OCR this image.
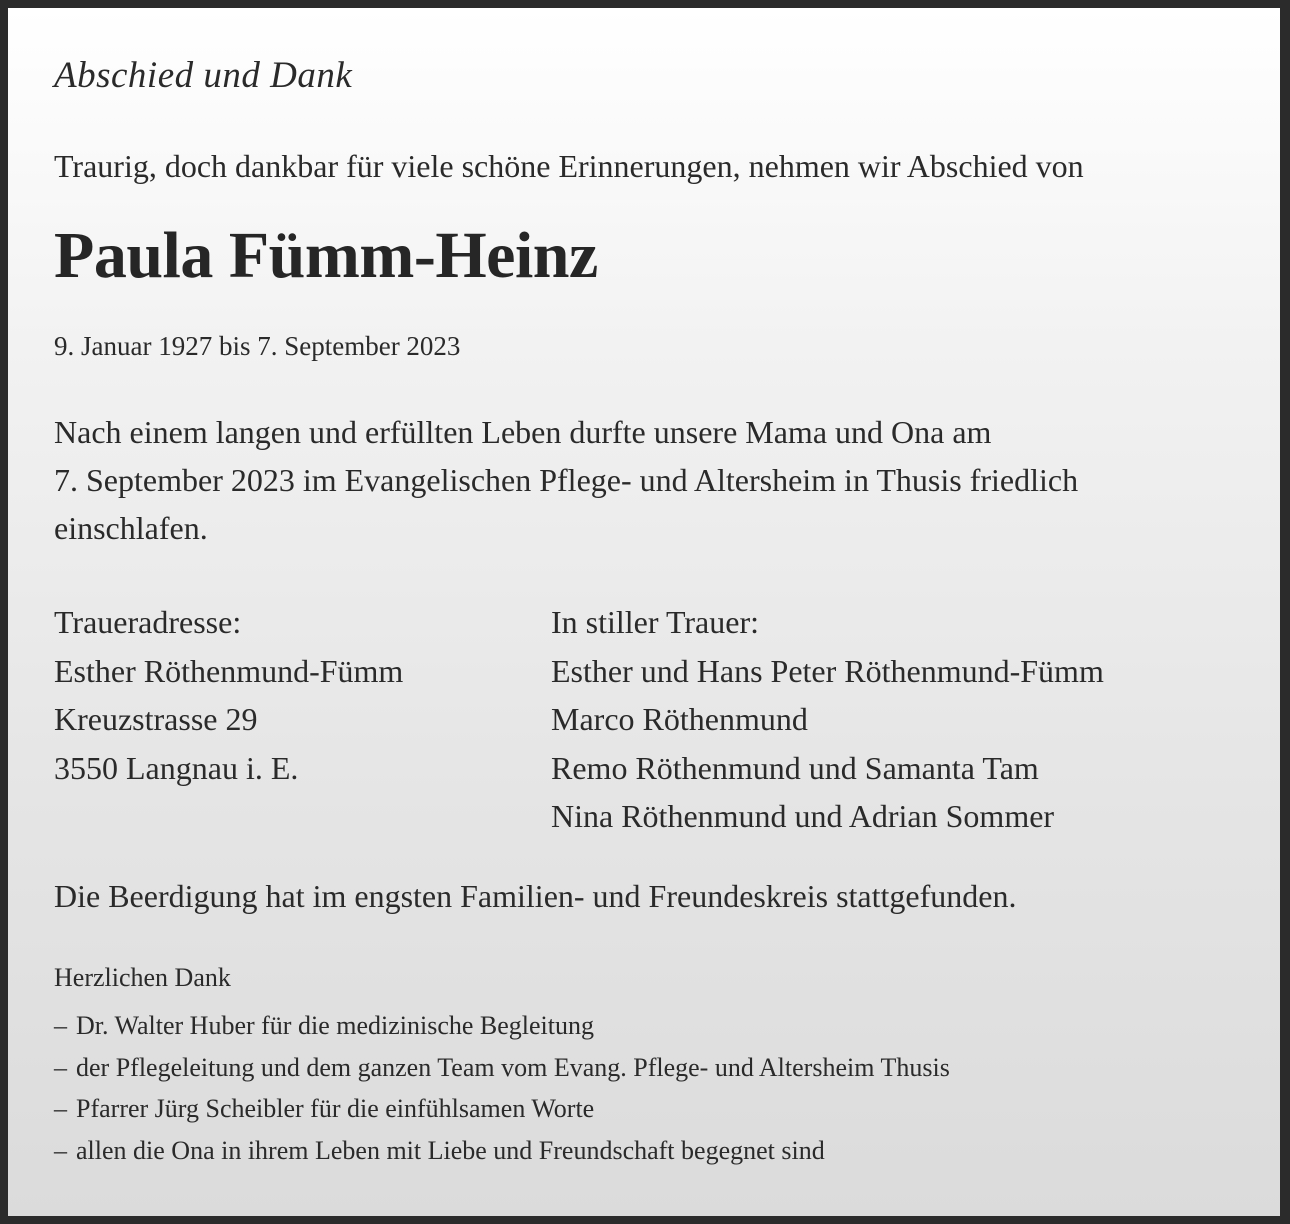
Abschied und Dank

Traurig, doch dankbar für viele schöne Erinnerungen, nehmen wir Abschied von

Paula Fümm-Heinz

9. Januar 1927 bis 7. September 2023

Nach einem langen und erfüllten Leben durfte unsere Mama und Ona am
7. September 2023 im Evangelischen Pflege- und Altersheim in Thusis friedlich
einschlafen.
Traueradresse:
Esther Röthenmund-Fümm
Kreuzstrasse 29
3550 Langnau i. E.
In stiller Trauer:
Esther und Hans Peter Röthenmund-Fümm
Marco Röthenmund
Remo Röthenmund und Samanta Tam
Nina Röthenmund und Adrian Sommer

Die Beerdigung hat im engsten Familien- und Freundeskreis stattgefunden.

Herzlichen Dank

– Dr. Walter Huber für die medizinische Begleitung
– der Pflegeleitung und dem ganzen Team vom Evang. Pflege- und Altersheim Thusis
– Pfarrer Jürg Scheibler für die einfühlsamen Worte
– allen die Ona in ihrem Leben mit Liebe und Freundschaft begegnet sind
